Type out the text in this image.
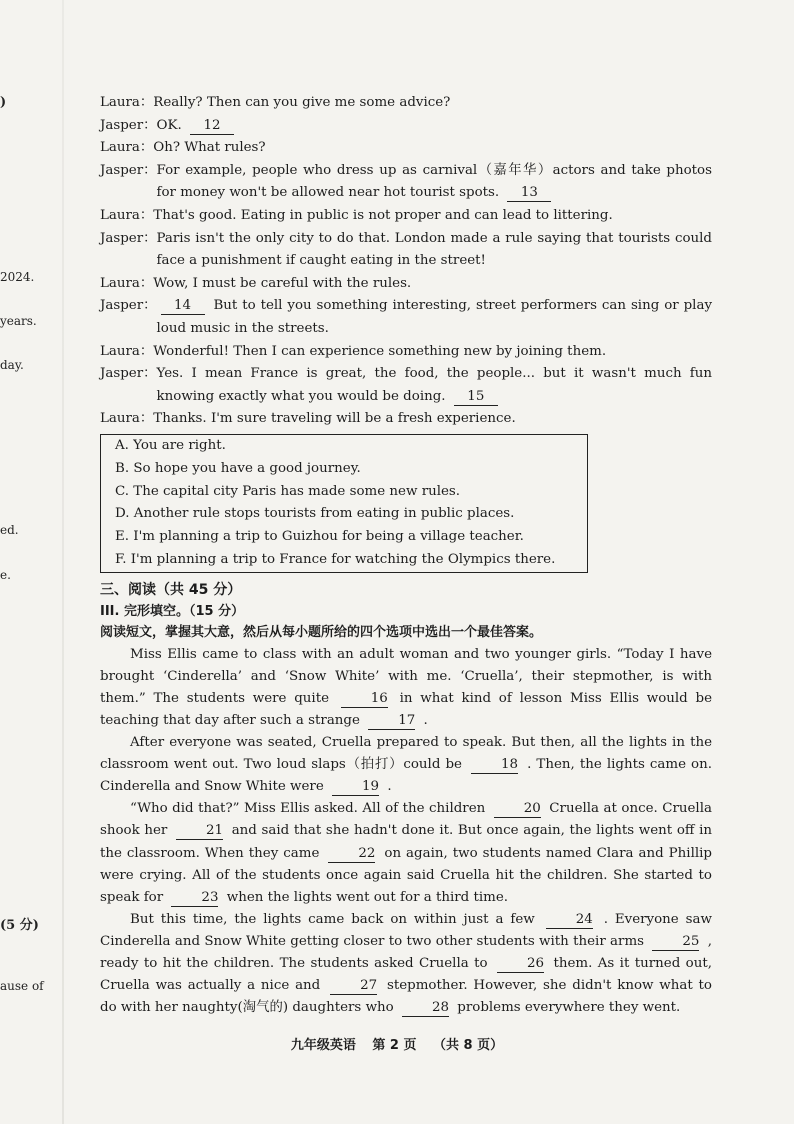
)
2024.
years.
day.
ed.
e.
(5 分)
ause of
Laura： Really? Then can you give me some advice?
Jasper： OK. 12
Laura： Oh? What rules?
Jasper： For example, people who dress up as carnival（嘉年华）actors and take photos for money won't be allowed near hot tourist spots. 13
Laura： That's good. Eating in public is not proper and can lead to littering.
Jasper： Paris isn't the only city to do that. London made a rule saying that tourists could face a punishment if caught eating in the street!
Laura： Wow, I must be careful with the rules.
Jasper：	14 But to tell you something interesting, street performers can sing or play loud music in the streets.
Laura： Wonderful! Then I can experience something new by joining them.
Jasper： Yes. I mean France is great, the food, the people... but it wasn't much fun knowing exactly what you would be doing. 15
Laura： Thanks. I'm sure traveling will be a fresh experience.
A. You are right.
B. So hope you have a good journey.
C. The capital city Paris has made some new rules.
D. Another rule stops tourists from eating in public places.
E. I'm planning a trip to Guizhou for being a village teacher.
F. I'm planning a trip to France for watching the Olympics there.
三、阅读（共 45 分）
III. 完形填空。（15 分）
阅读短文，掌握其大意，然后从每小题所给的四个选项中选出一个最佳答案。

Miss Ellis came to class with an adult woman and two younger girls. “Today I have brought ‘Cinderella’ and ‘Snow White’ with me. ‘Cruella’, their stepmother, is with them.” The students were quite	16 in what kind of lesson Miss Ellis would be teaching that day after such a strange	17 .

After everyone was seated, Cruella prepared to speak. But then, all the lights in the classroom went out. Two loud slaps（拍打）could be	18 . Then, the lights came on. Cinderella and Snow White were	19 .

“Who did that?” Miss Ellis asked. All of the children	20 Cruella at once. Cruella shook her	21 and said that she hadn't done it. But once again, the lights went off in the classroom. When they came	22 on again, two students named Clara and Phillip were crying. All of the students once again said Cruella hit the children. She started to speak for	23 when the lights went out for a third time.

But this time, the lights came back on within just a few	24 . Everyone saw Cinderella and Snow White getting closer to two other students with their arms	25 , ready to hit the children. The students asked Cruella to	26 them. As it turned out, Cruella was actually a nice and	27 stepmother. However, she didn't know what to do with her naughty(淘气的) daughters who	28 problems everywhere they went.

九年级英语 第 2 页 （共 8 页）
